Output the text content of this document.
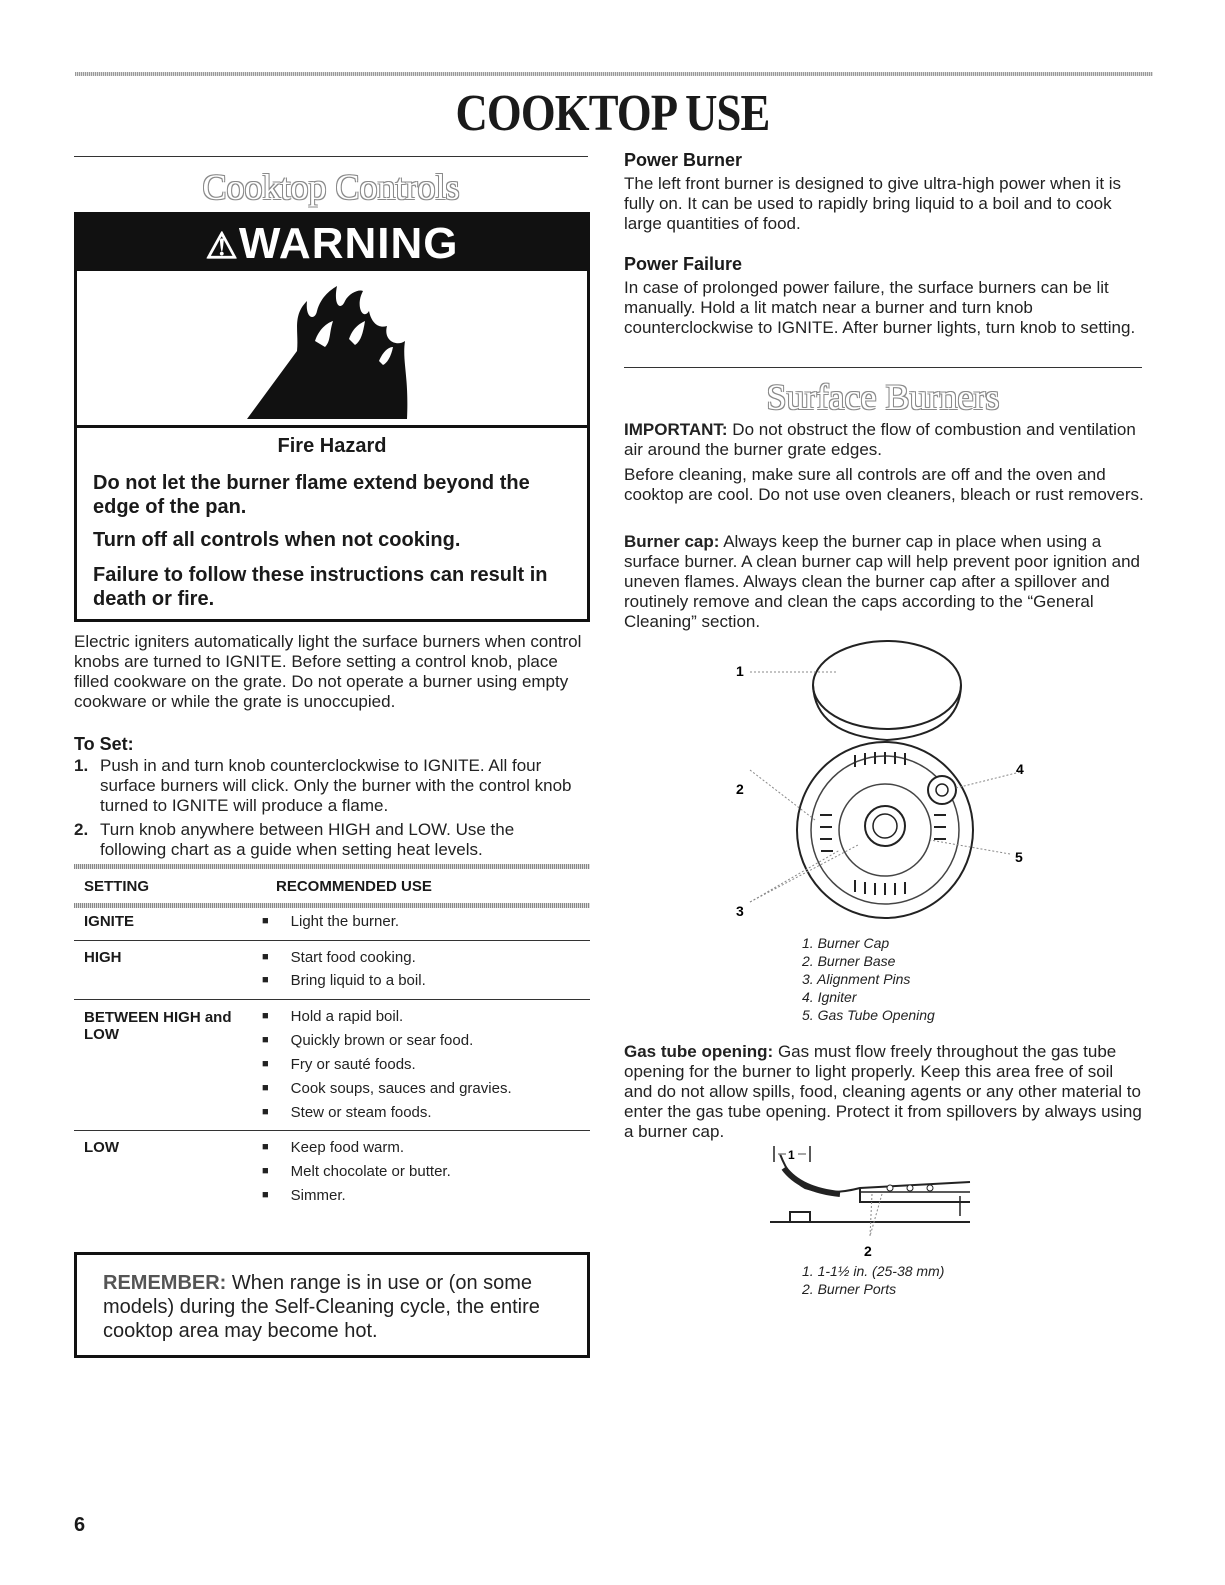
COOKTOP USE
Cooktop Controls
⚠WARNING
Fire Hazard
Do not let the burner flame extend beyond the edge of the pan.
Turn off all controls when not cooking.
Failure to follow these instructions can result in death or fire.
Electric igniters automatically light the surface burners when control knobs are turned to IGNITE. Before setting a control knob, place filled cookware on the grate. Do not operate a burner using empty cookware or while the grate is unoccupied.
To Set:
1. Push in and turn knob counterclockwise to IGNITE. All four surface burners will click. Only the burner with the control knob turned to IGNITE will produce a flame.
2. Turn knob anywhere between HIGH and LOW. Use the following chart as a guide when setting heat levels.
SETTING	RECOMMENDED USE
IGNITE	■ Light the burner.
HIGH	■ Start food cooking.
■ Bring liquid to a boil.
BETWEEN HIGH and LOW
■ Hold a rapid boil.
■ Quickly brown or sear food.
■ Fry or sauté foods.
■ Cook soups, sauces and gravies.
■ Stew or steam foods.
LOW	■ Keep food warm.
■ Melt chocolate or butter.
■ Simmer.
REMEMBER: When range is in use or (on some models) during the Self-Cleaning cycle, the entire cooktop area may become hot.
6
Power Burner
The left front burner is designed to give ultra-high power when it is fully on. It can be used to rapidly bring liquid to a boil and to cook large quantities of food.
Power Failure
In case of prolonged power failure, the surface burners can be lit manually. Hold a lit match near a burner and turn knob counterclockwise to IGNITE. After burner lights, turn knob to setting.
Surface Burners
IMPORTANT: Do not obstruct the flow of combustion and ventilation air around the burner grate edges.
Before cleaning, make sure all controls are off and the oven and cooktop are cool. Do not use oven cleaners, bleach or rust removers.
Burner cap: Always keep the burner cap in place when using a surface burner. A clean burner cap will help prevent poor ignition and uneven flames. Always clean the burner cap after a spillover and routinely remove and clean the caps according to the “General Cleaning” section.
1
2
3
4
5
1. Burner Cap
2. Burner Base
3. Alignment Pins
4. Igniter
5. Gas Tube Opening
Gas tube opening: Gas must flow freely throughout the gas tube opening for the burner to light properly. Keep this area free of soil and do not allow spills, food, cleaning agents or any other material to enter the gas tube opening. Protect it from spillovers by always using a burner cap.
1
2
1. 1-1½ in. (25-38 mm)
2. Burner Ports
